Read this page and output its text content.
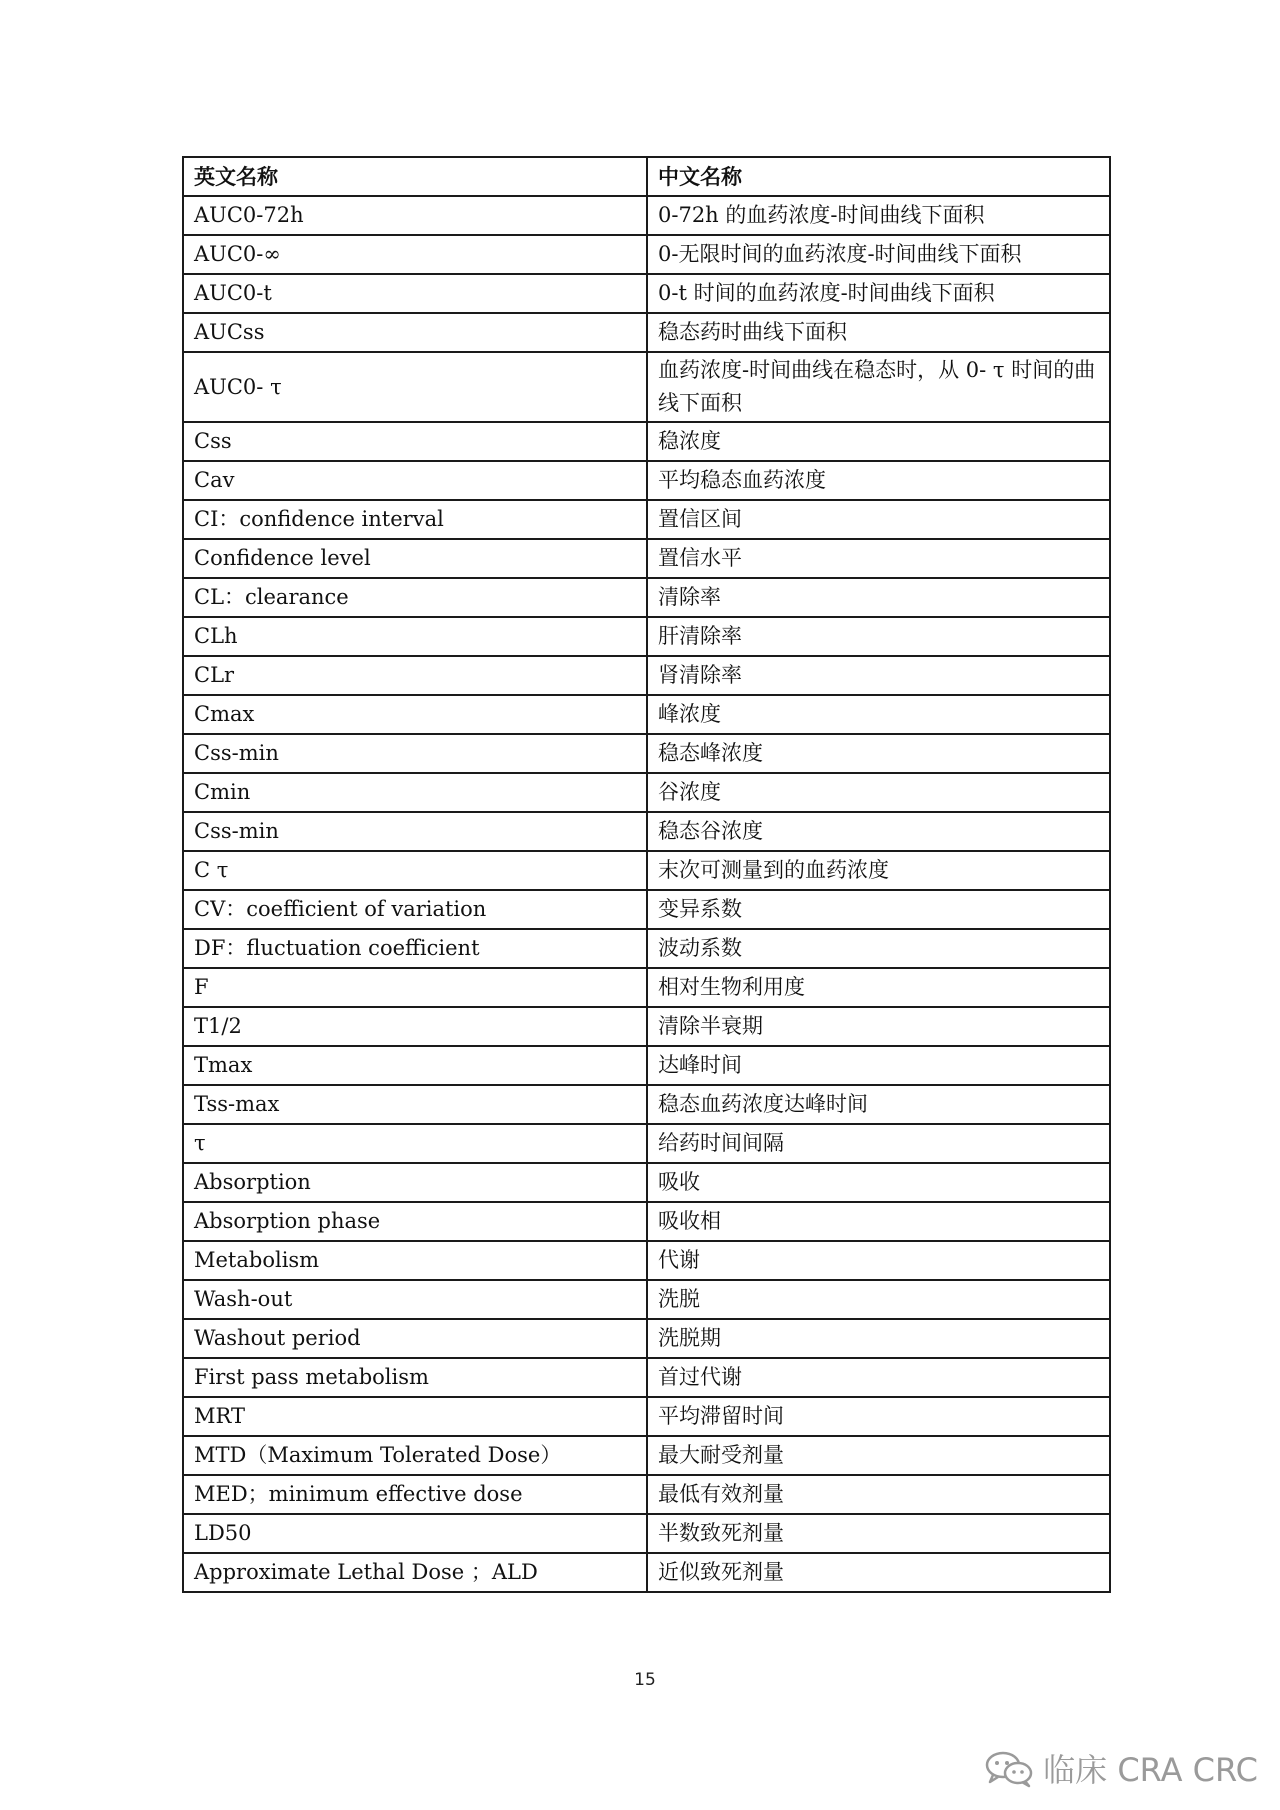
英文名称	中文名称
AUC0-72h	0-72h 的血药浓度-时间曲线下面积
AUC0-∞	0-无限时间的血药浓度-时间曲线下面积
AUC0-t	0-t 时间的血药浓度-时间曲线下面积
AUCss	稳态药时曲线下面积
AUC0- τ	血药浓度-时间曲线在稳态时，从 0- τ 时间的曲线下面积
Css	稳浓度
Cav	平均稳态血药浓度
CI：confidence interval	置信区间
Confidence level	置信水平
CL：clearance	清除率
CLh	肝清除率
CLr	肾清除率
Cmax	峰浓度
Css-min	稳态峰浓度
Cmin	谷浓度
Css-min	稳态谷浓度
C τ	末次可测量到的血药浓度
CV：coefficient of variation	变异系数
DF：fluctuation coefficient	波动系数
F	相对生物利用度
T1/2	清除半衰期
Tmax	达峰时间
Tss-max	稳态血药浓度达峰时间
τ	给药时间间隔
Absorption	吸收
Absorption phase	吸收相
Metabolism	代谢
Wash-out	洗脱
Washout period	洗脱期
First pass metabolism	首过代谢
MRT	平均滞留时间
MTD（Maximum Tolerated Dose）	最大耐受剂量
MED；minimum effective dose	最低有效剂量
LD50	半数致死剂量
Approximate Lethal Dose ；ALD	近似致死剂量
15
临床 CRA CRC
